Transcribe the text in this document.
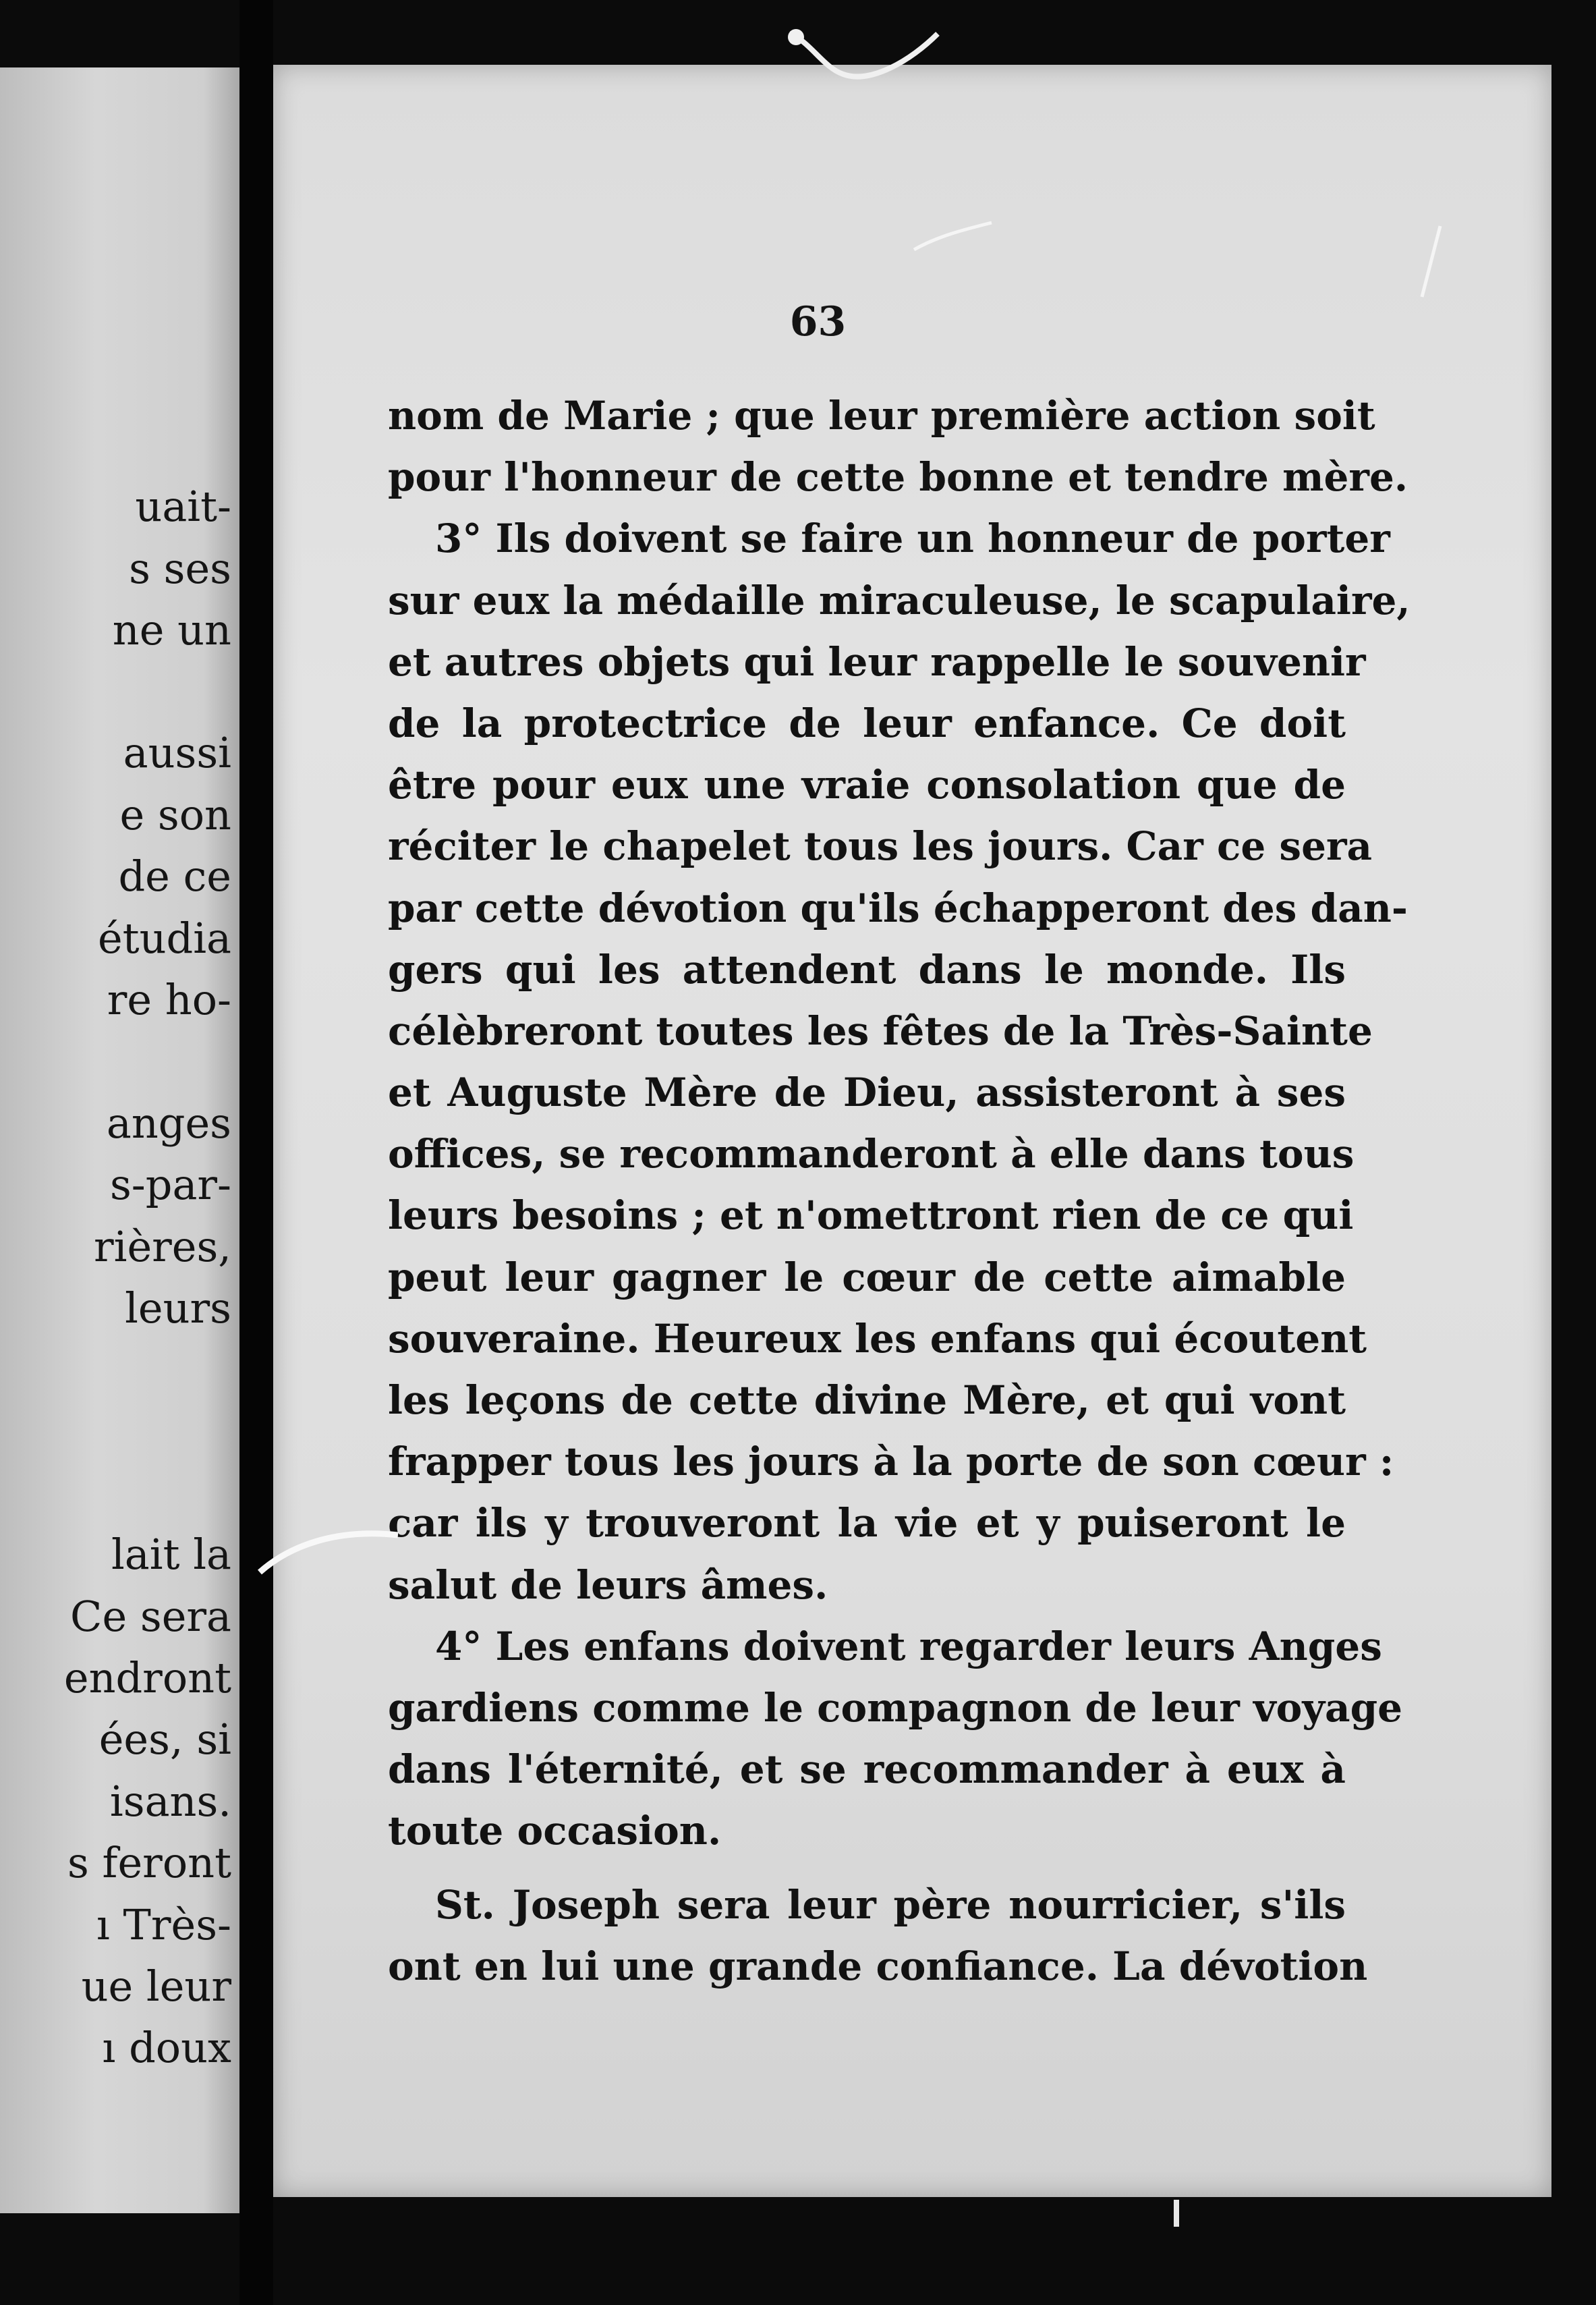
uait-
s ses
ne un
aussi
e son
de ce
étudia
re ho-
anges
s-par-
rières,
leurs
lait la
Ce sera
endront
ées, si
isans.
s feront
ı Très-
ue leur
ı doux
63
nom de Marie ; que leur première action soit
pour l'honneur de cette bonne et tendre mère.
3° Ils doivent se faire un honneur de porter
sur eux la médaille miraculeuse, le scapulaire,
et autres objets qui leur rappelle le souvenir
de la protectrice de leur enfance. Ce doit
être pour eux une vraie consolation que de
réciter le chapelet tous les jours. Car ce sera
par cette dévotion qu'ils échapperont des dan-
gers qui les attendent dans le monde. Ils
célèbreront toutes les fêtes de la Très-Sainte
et Auguste Mère de Dieu, assisteront à ses
offices, se recommanderont à elle dans tous
leurs besoins ; et n'omettront rien de ce qui
peut leur gagner le cœur de cette aimable
souveraine. Heureux les enfans qui écoutent
les leçons de cette divine Mère, et qui vont
frapper tous les jours à la porte de son cœur :
car ils y trouveront la vie et y puiseront le
salut de leurs âmes.
4° Les enfans doivent regarder leurs Anges
gardiens comme le compagnon de leur voyage
dans l'éternité, et se recommander à eux à
toute occasion.
St. Joseph sera leur père nourricier, s'ils
ont en lui une grande confiance. La dévotion
